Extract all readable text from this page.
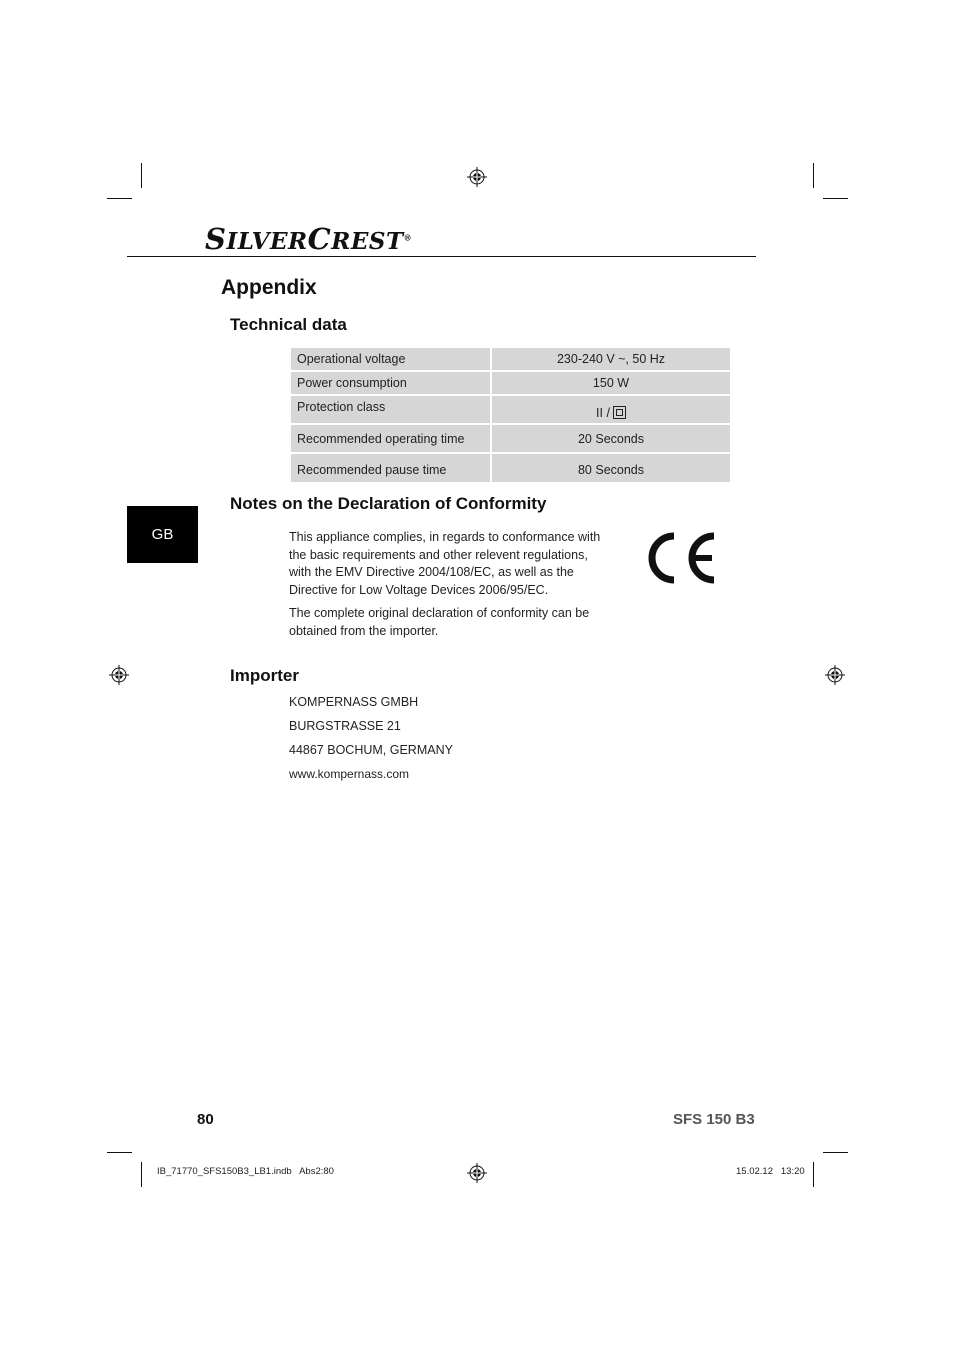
SILVERCREST®
Appendix
Technical data
Operational voltage	230-240 V ~, 50 Hz
Power consumption	150 W
Protection class	II /
Recommended operating time	20 Seconds
Recommended pause time	80 Seconds
GB
Notes on the Declaration of Conformity

This appliance complies, in regards to conformance with the basic requirements and other relevent regulations, with the EMV Directive 2004/108/EC, as well as the Directive for Low Voltage Devices 2006/95/EC.

The complete original declaration of conformity can be obtained from the importer.

Importer

KOMPERNASS GMBH

BURGSTRASSE 21

44867 BOCHUM, GERMANY

www.kompernass.com

80	SFS 150 B3
IB_71770_SFS150B3_LB1.indb   Abs2:80	15.02.12   13:20
